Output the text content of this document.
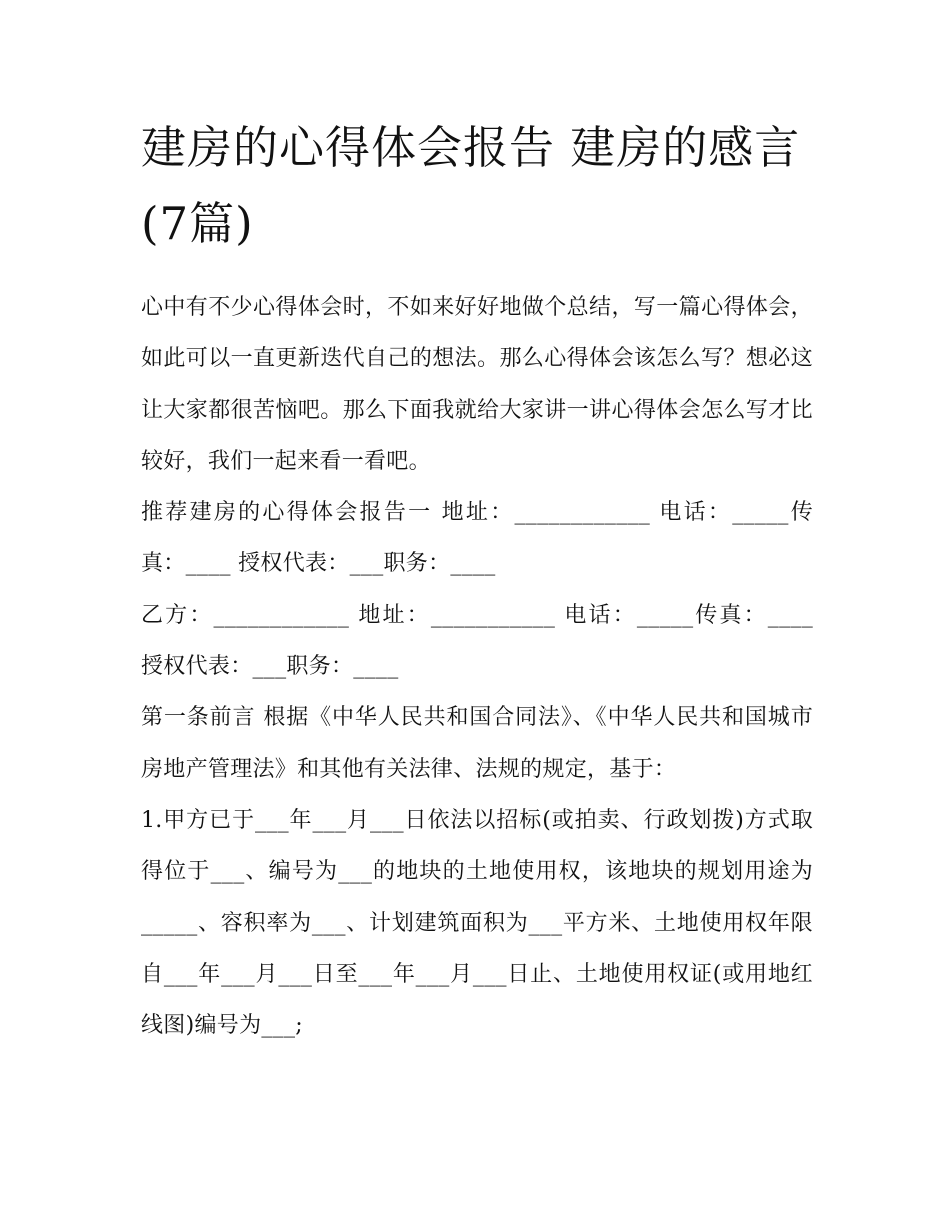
建房的心得体会报告 建房的感言(7篇)

心中有不少心得体会时，不如来好好地做个总结，写一篇心得体会，如此可以一直更新迭代自己的想法。那么心得体会该怎么写？想必这让大家都很苦恼吧。那么下面我就给大家讲一讲心得体会怎么写才比较好，我们一起来看一看吧。

推荐建房的心得体会报告一 地址：____________ 电话：_____传真：____ 授权代表：___职务：____

乙方：____________ 地址：___________ 电话：_____传真：____ 授权代表：___职务：____

第一条前言 根据《中华人民共和国合同法》、《中华人民共和国城市房地产管理法》和其他有关法律、法规的规定，基于：

1.甲方已于___年___月___日依法以招标(或拍卖、行政划拨)方式取得位于___、编号为___的地块的土地使用权，该地块的规划用途为_____、容积率为___、计划建筑面积为___平方米、土地使用权年限自___年___月___日至___年___月___日止、土地使用权证(或用地红线图)编号为___;
